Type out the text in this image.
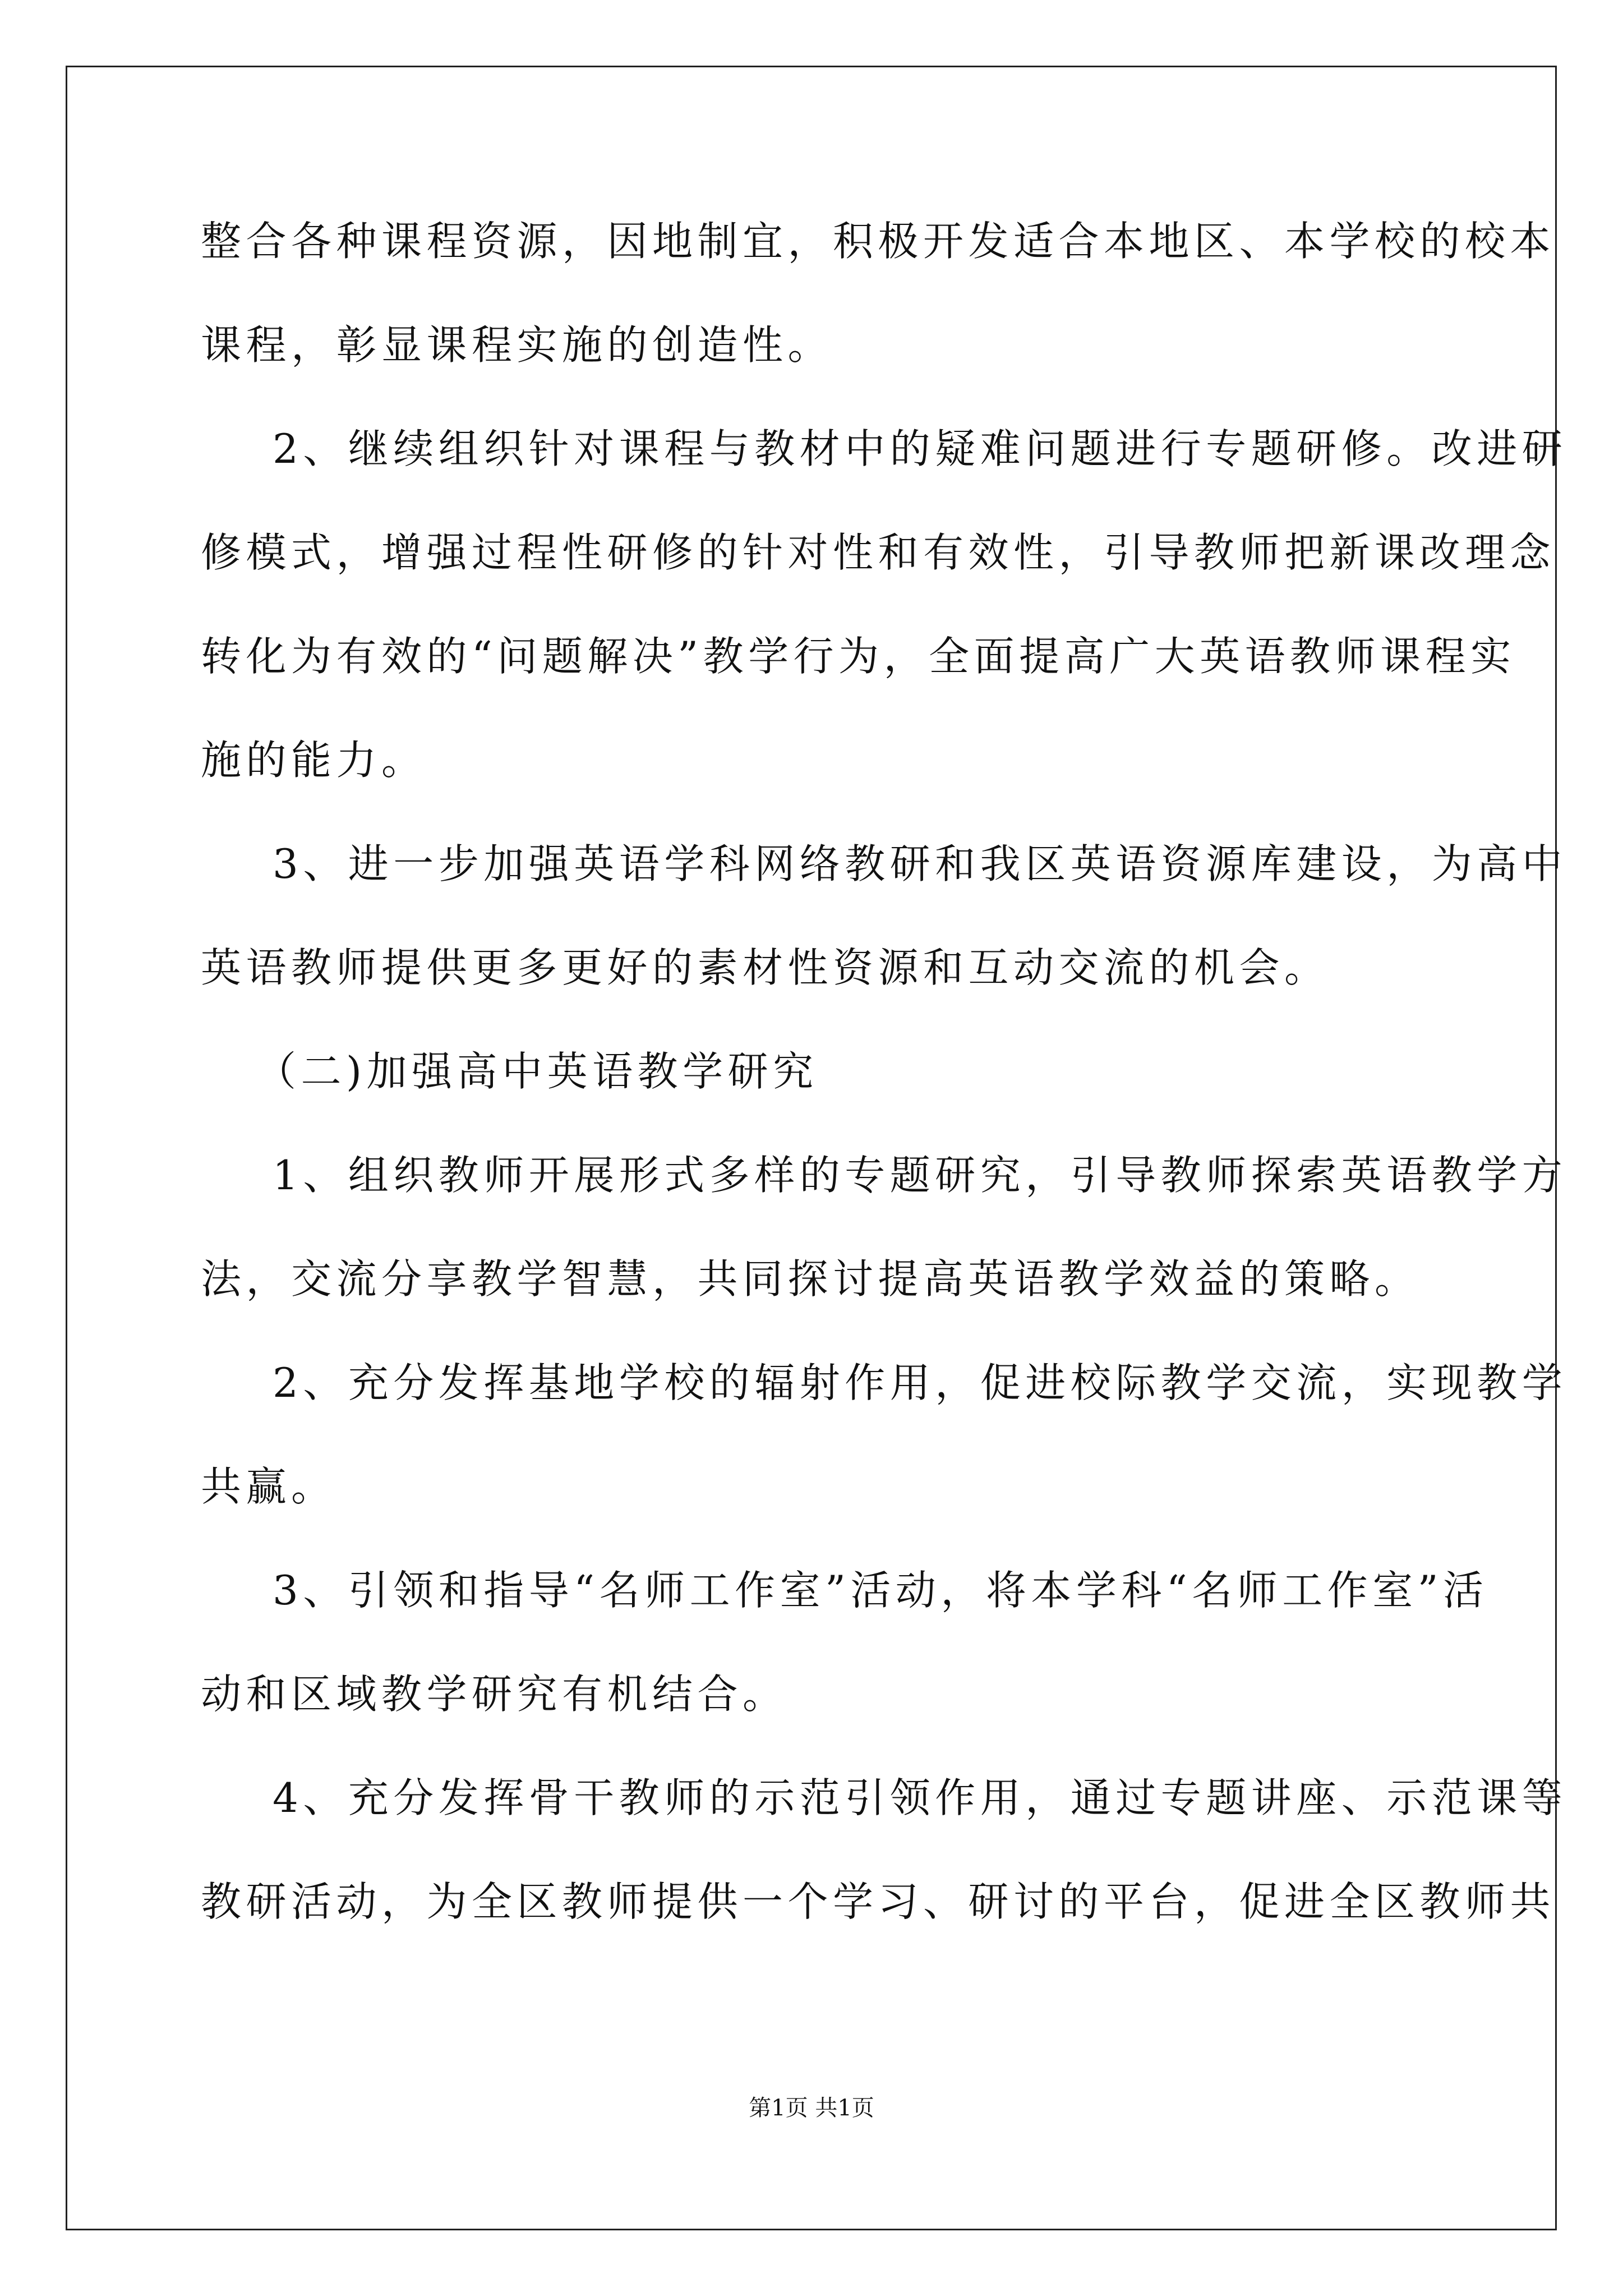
整合各种课程资源，因地制宜，积极开发适合本地区、本学校的校本
课程，彰显课程实施的创造性。
2、继续组织针对课程与教材中的疑难问题进行专题研修。改进研
修模式，增强过程性研修的针对性和有效性，引导教师把新课改理念
转化为有效的“问题解决”教学行为，全面提高广大英语教师课程实
施的能力。
3、进一步加强英语学科网络教研和我区英语资源库建设，为高中
英语教师提供更多更好的素材性资源和互动交流的机会。
（二)加强高中英语教学研究
1、组织教师开展形式多样的专题研究，引导教师探索英语教学方
法，交流分享教学智慧，共同探讨提高英语教学效益的策略。
2、充分发挥基地学校的辐射作用，促进校际教学交流，实现教学
共赢。
3、引领和指导“名师工作室”活动，将本学科“名师工作室”活
动和区域教学研究有机结合。
4、充分发挥骨干教师的示范引领作用，通过专题讲座、示范课等
教研活动，为全区教师提供一个学习、研讨的平台，促进全区教师共
第1页 共1页
